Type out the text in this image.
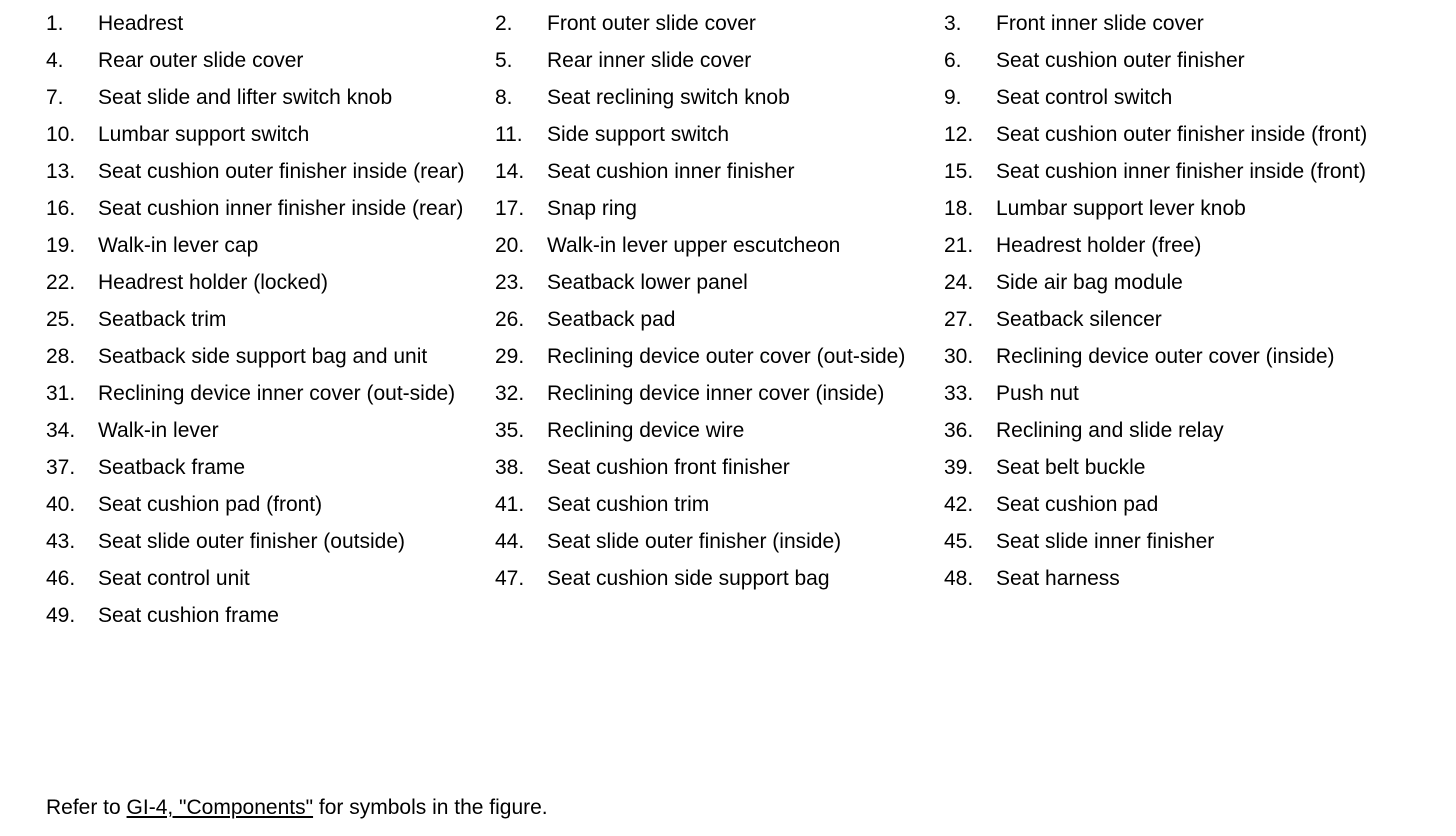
1.	Headrest	2.	Front outer slide cover	3.	Front inner slide cover
4.	Rear outer slide cover	5.	Rear inner slide cover	6.	Seat cushion outer finisher
7.	Seat slide and lifter switch knob	8.	Seat reclining switch knob	9.	Seat control switch
10.	Lumbar support switch	11.	Side support switch	12.	Seat cushion outer finisher inside (front)
13.	Seat cushion outer finisher inside (rear)	14.	Seat cushion inner finisher	15.	Seat cushion inner finisher inside (front)
16.	Seat cushion inner finisher inside (rear)	17.	Snap ring	18.	Lumbar support lever knob
19.	Walk-in lever cap	20.	Walk-in lever upper escutcheon	21.	Headrest holder (free)
22.	Headrest holder (locked)	23.	Seatback lower panel	24.	Side air bag module
25.	Seatback trim	26.	Seatback pad	27.	Seatback silencer
28.	Seatback side support bag and unit	29.	Reclining device outer cover (out-side)	30.	Reclining device outer cover (inside)
31.	Reclining device inner cover (out-side)	32.	Reclining device inner cover (inside)	33.	Push nut
34.	Walk-in lever	35.	Reclining device wire	36.	Reclining and slide relay
37.	Seatback frame	38.	Seat cushion front finisher	39.	Seat belt buckle
40.	Seat cushion pad (front)	41.	Seat cushion trim	42.	Seat cushion pad
43.	Seat slide outer finisher (outside)	44.	Seat slide outer finisher (inside)	45.	Seat slide inner finisher
46.	Seat control unit	47.	Seat cushion side support bag	48.	Seat harness
49.	Seat cushion frame
Refer to GI-4, "Components" for symbols in the figure.
